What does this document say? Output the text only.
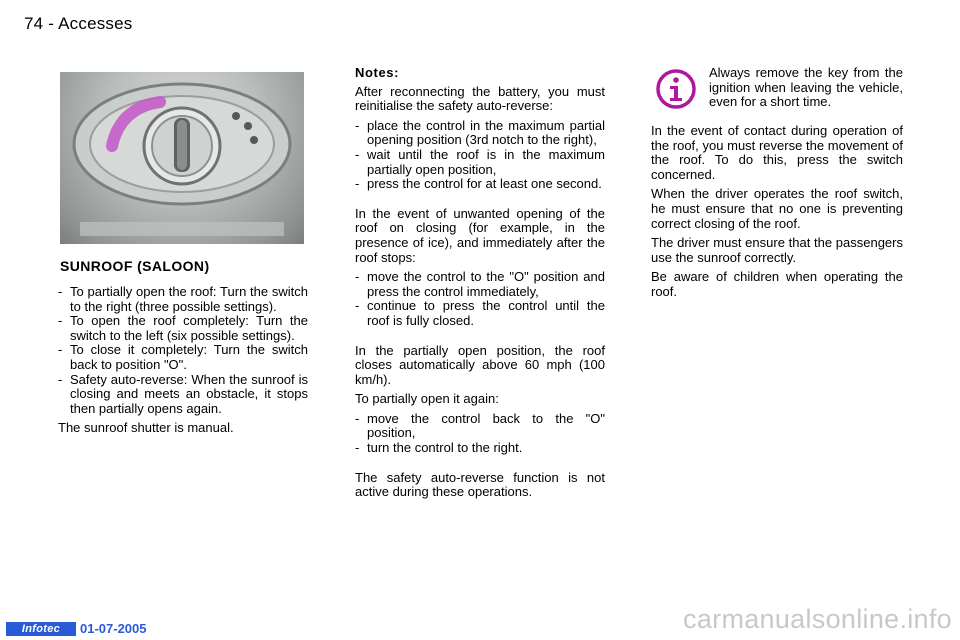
74 - Accesses
SUNROOF (SALOON)
- To partially open the roof: Turn the switch to the right (three possible settings).
- To open the roof completely: Turn the switch to the left (six possible settings).
- To close it completely: Turn the switch back to position "O".
- Safety auto-reverse: When the sunroof is closing and meets an obstacle, it stops then partially opens again.

The sunroof shutter is manual.

Notes:

After reconnecting the battery, you must reinitialise the safety auto-reverse:

- place the control in the maximum partial opening position (3rd notch to the right),
- wait until the roof is in the maximum partially open position,
- press the control for at least one second.

In the event of unwanted opening of the roof on closing (for example, in the presence of ice), and immediately after the roof stops:

- move the control to the "O" position and press the control immediately,
- continue to press the control until the roof is fully closed.

In the partially open position, the roof closes automatically above 60 mph (100 km/h).

To partially open it again:

- move the control back to the "O" position,
- turn the control to the right.

The safety auto-reverse function is not active during these operations.

Always remove the key from the ignition when leaving the vehicle, even for a short time.

In the event of contact during operation of the roof, you must reverse the movement of the roof. To do this, press the switch concerned.

When the driver operates the roof switch, he must ensure that no one is preventing correct closing of the roof.

The driver must ensure that the passengers use the sunroof correctly.

Be aware of children when operating the roof.

Infotec	01-07-2005	carmanualsonline.info
